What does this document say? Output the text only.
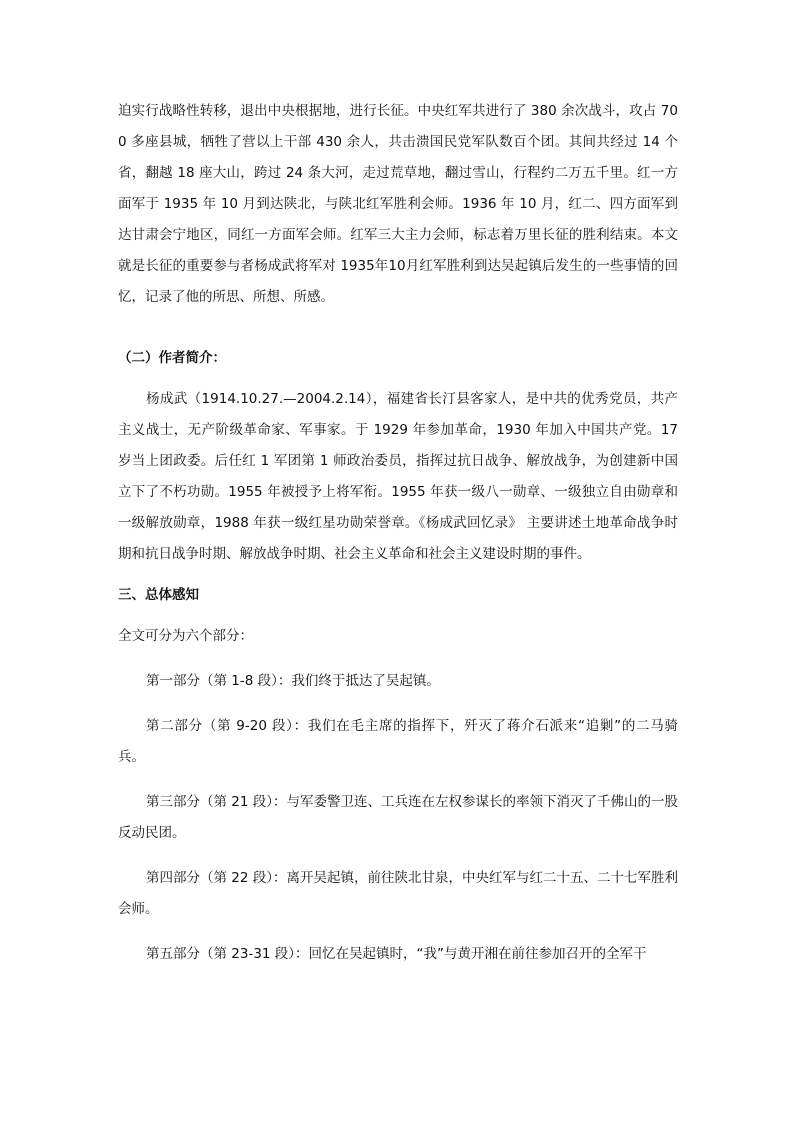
迫实行战略性转移，退出中央根据地，进行长征。中央红军共进行了 380 余次战斗，攻占 700 多座县城，牺牲了营以上干部 430 余人，共击溃国民党军队数百个团。其间共经过 14 个省，翻越 18 座大山，跨过 24 条大河，走过荒草地，翻过雪山，行程约二万五千里。红一方面军于 1935 年 10 月到达陕北，与陕北红军胜利会师。1936 年 10 月，红二、四方面军到达甘肃会宁地区，同红一方面军会师。红军三大主力会师，标志着万里长征的胜利结束。本文就是长征的重要参与者杨成武将军对 1935年10月红军胜利到达吴起镇后发生的一些事情的回忆，记录了他的所思、所想、所感。

（二）作者简介：

杨成武（1914.10.27.—2004.2.14），福建省长汀县客家人，是中共的优秀党员，共产主义战士，无产阶级革命家、军事家。于 1929 年参加革命，1930 年加入中国共产党。17 岁当上团政委。后任红 1 军团第 1 师政治委员，指挥过抗日战争、解放战争，为创建新中国立下了不朽功勋。1955 年被授予上将军衔。1955 年获一级八一勋章、一级独立自由勋章和一级解放勋章，1988 年获一级红星功勋荣誉章。《杨成武回忆录》 主要讲述土地革命战争时期和抗日战争时期、解放战争时期、社会主义革命和社会主义建设时期的事件。

三、总体感知

全文可分为六个部分：

第一部分（第 1-8 段）：我们终于抵达了吴起镇。

第二部分（第 9-20 段）：我们在毛主席的指挥下，歼灭了蒋介石派来“追剿”的二马骑兵。

第三部分（第 21 段）：与军委警卫连、工兵连在左权参谋长的率领下消灭了千佛山的一股反动民团。

第四部分（第 22 段）：离开吴起镇，前往陕北甘泉，中央红军与红二十五、二十七军胜利会师。

第五部分（第 23-31 段）：回忆在吴起镇时，“我”与黄开湘在前往参加召开的全军干
